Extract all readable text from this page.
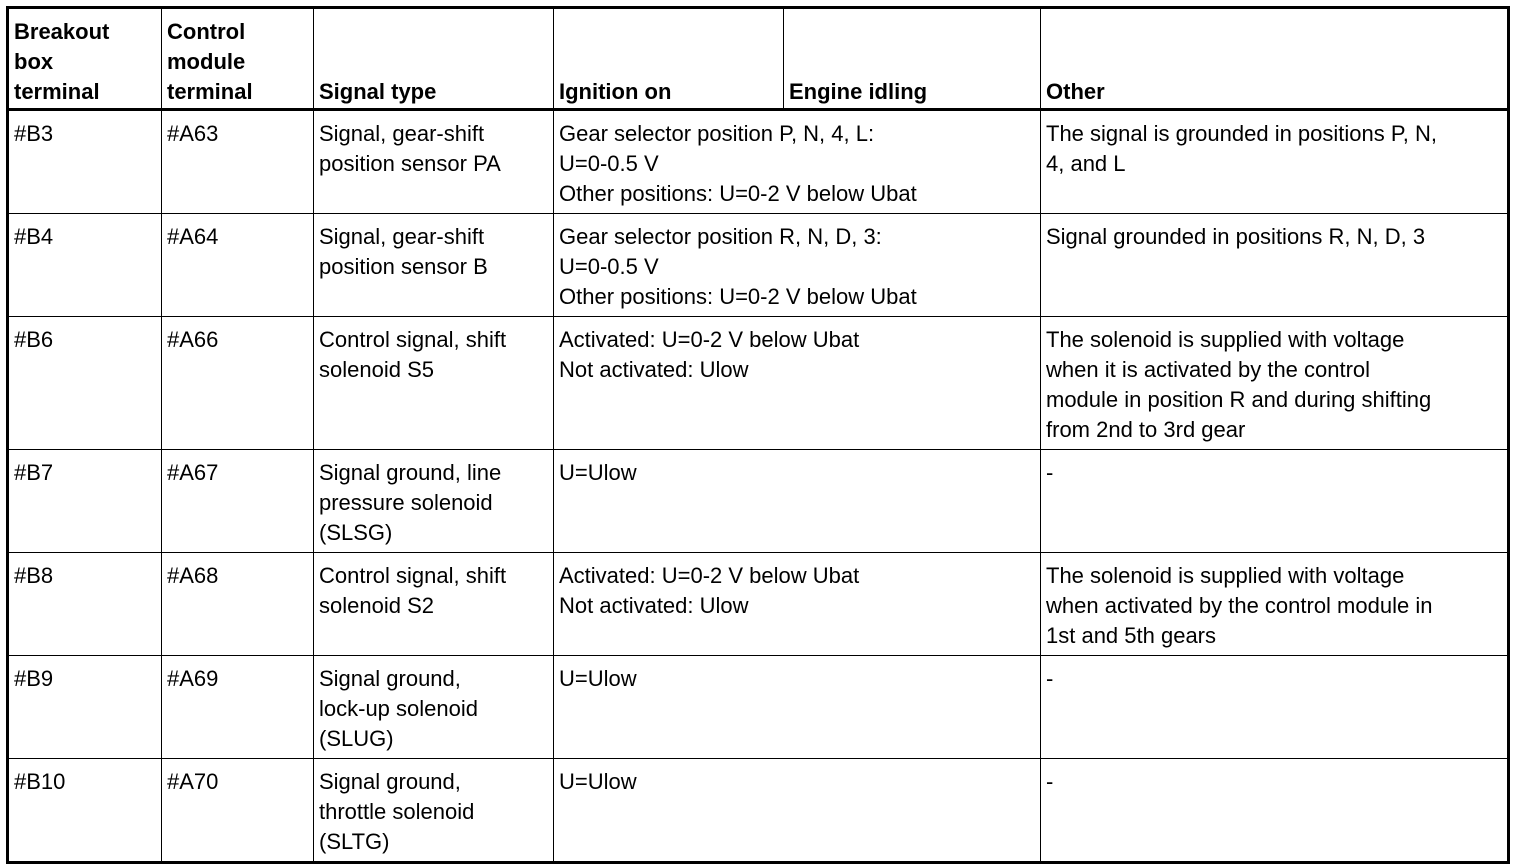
Breakout
box
terminal	Control
module
terminal	Signal type	Ignition on	Engine idling	Other
#B3	#A63	Signal, gear-shift
position sensor PA	Gear selector position P, N, 4, L:
U=0-0.5 V
Other positions: U=0-2 V below Ubat		The signal is grounded in positions P, N,
4, and L

#B4	#A64	Signal, gear-shift
position sensor B	Gear selector position R, N, D, 3:
U=0-0.5 V
Other positions: U=0-2 V below Ubat		Signal grounded in positions R, N, D, 3

#B6	#A66	Control signal, shift
solenoid S5	Activated: U=0-2 V below Ubat
Not activated: Ulow		The solenoid is supplied with voltage
when it is activated by the control
module in position R and during shifting
from 2nd to 3rd gear

#B7	#A67	Signal ground, line
pressure solenoid
(SLSG)	U=Ulow		-

#B8	#A68	Control signal, shift
solenoid S2	Activated: U=0-2 V below Ubat
Not activated: Ulow		The solenoid is supplied with voltage
when activated by the control module in
1st and 5th gears

#B9	#A69	Signal ground,
lock-up solenoid
(SLUG)	U=Ulow		-

#B10	#A70	Signal ground,
throttle solenoid
(SLTG)	U=Ulow		-
